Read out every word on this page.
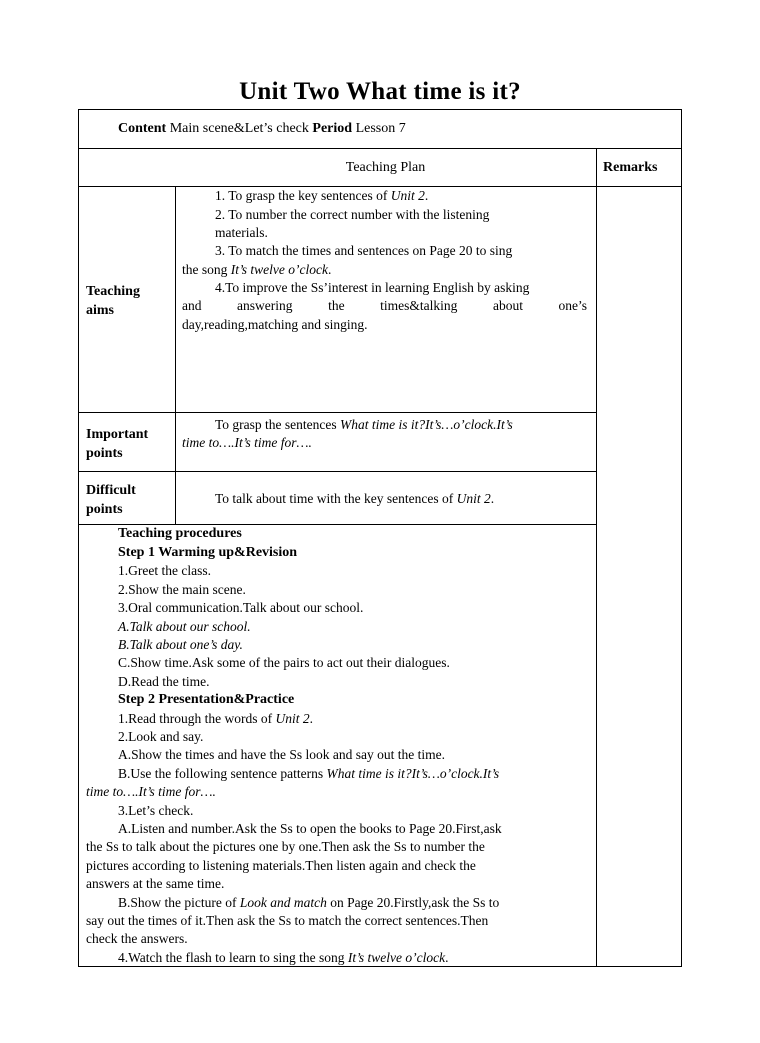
Unit Two What time is it?
Content Main scene&Let’s check Period Lesson 7
Teaching Plan	Remarks
Teaching
aims
1. To grasp the key sentences of Unit 2.
2. To number the correct number with the listening
materials.
3. To match the times and sentences on Page 20 to sing
the song It’s twelve o’clock.
4.To improve the Ss’interest in learning English by asking
and answering the times&talking about one’s
day,reading,matching and singing.
Important
points
To grasp the sentences What time is it?It’s…o’clock.It’s
time to….It’s time for….
Difficult
points
To talk about time with the key sentences of Unit 2.
Teaching procedures
Step 1 Warming up&Revision
1.Greet the class.
2.Show the main scene.
3.Oral communication.Talk about our school.
A.Talk about our school.
B.Talk about one’s day.
C.Show time.Ask some of the pairs to act out their dialogues.
D.Read the time.
Step 2 Presentation&Practice
1.Read through the words of Unit 2.
2.Look and say.
A.Show the times and have the Ss look and say out the time.
B.Use the following sentence patterns What time is it?It’s…o’clock.It’s
time to….It’s time for….
3.Let’s check.
A.Listen and number.Ask the Ss to open the books to Page 20.First,ask
the Ss to talk about the pictures one by one.Then ask the Ss to number the
pictures according to listening materials.Then listen again and check the
answers at the same time.
B.Show the picture of Look and match on Page 20.Firstly,ask the Ss to
say out the times of it.Then ask the Ss to match the correct sentences.Then
check the answers.
4.Watch the flash to learn to sing the song It’s twelve o’clock.
